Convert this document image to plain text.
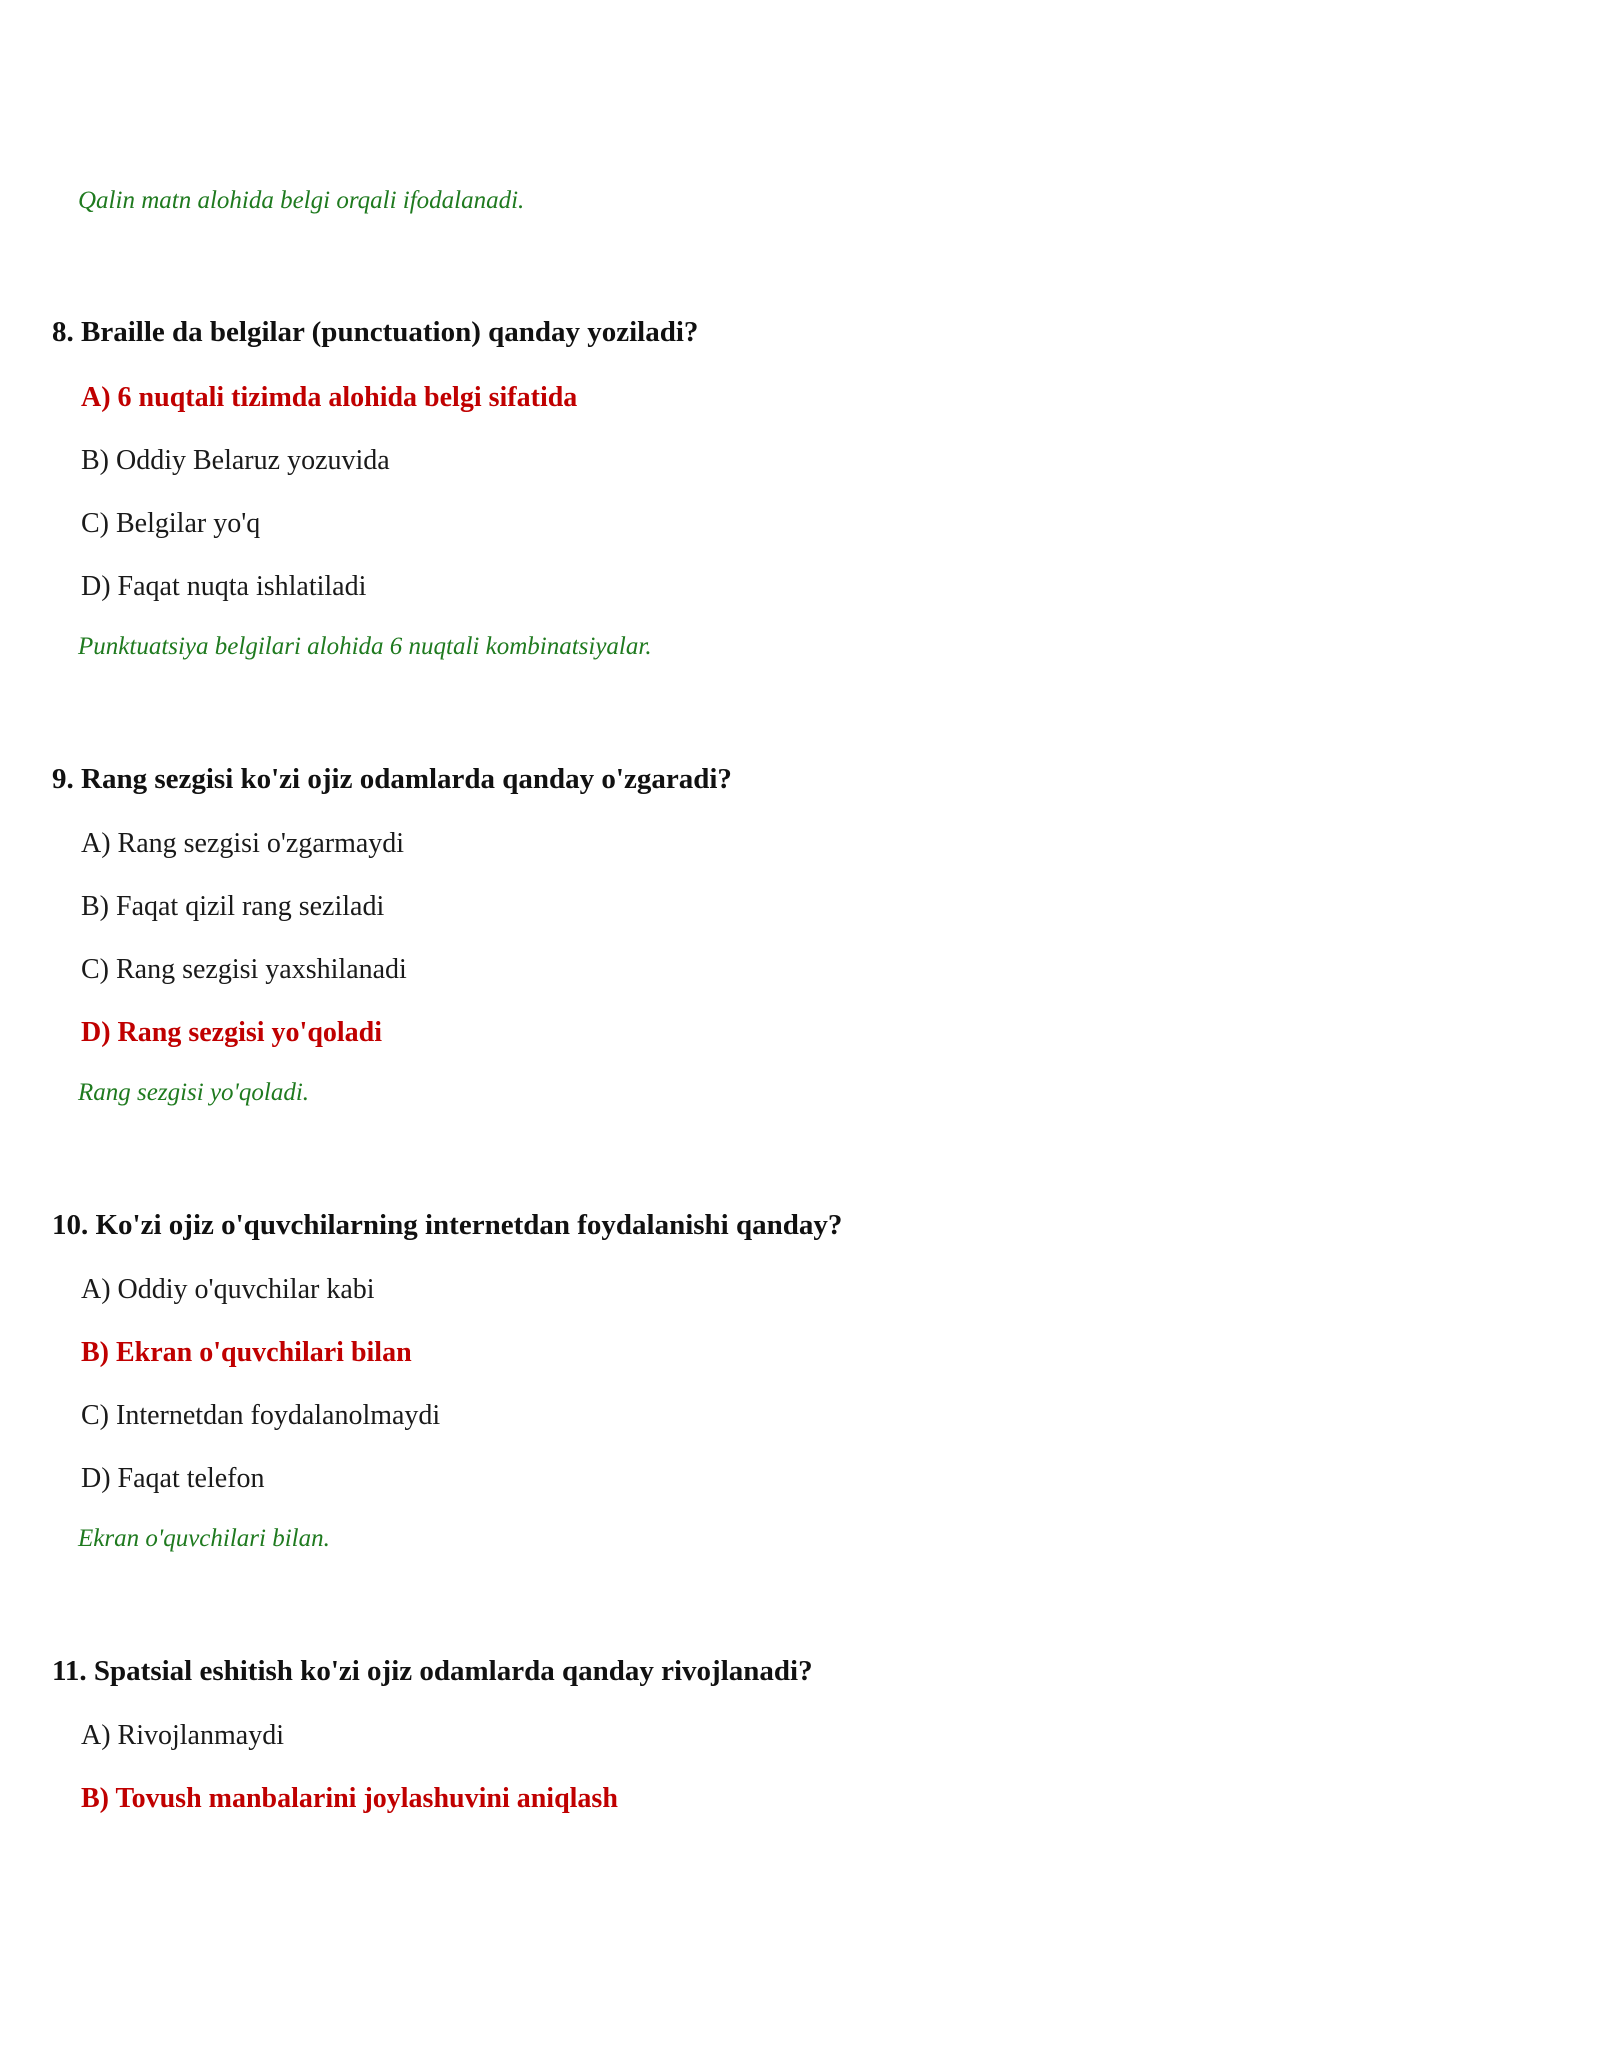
Qalin matn alohida belgi orqali ifodalanadi.
8. Braille da belgilar (punctuation) qanday yoziladi?
A) 6 nuqtali tizimda alohida belgi sifatida
B) Oddiy Belaruz yozuvida
C) Belgilar yo'q
D) Faqat nuqta ishlatiladi
Punktuatsiya belgilari alohida 6 nuqtali kombinatsiyalar.
9. Rang sezgisi ko'zi ojiz odamlarda qanday o'zgaradi?
A) Rang sezgisi o'zgarmaydi
B) Faqat qizil rang seziladi
C) Rang sezgisi yaxshilanadi
D) Rang sezgisi yo'qoladi
Rang sezgisi yo'qoladi.
10. Ko'zi ojiz o'quvchilarning internetdan foydalanishi qanday?
A) Oddiy o'quvchilar kabi
B) Ekran o'quvchilari bilan
C) Internetdan foydalanolmaydi
D) Faqat telefon
Ekran o'quvchilari bilan.
11. Spatsial eshitish ko'zi ojiz odamlarda qanday rivojlanadi?
A) Rivojlanmaydi
B) Tovush manbalarini joylashuvini aniqlash
